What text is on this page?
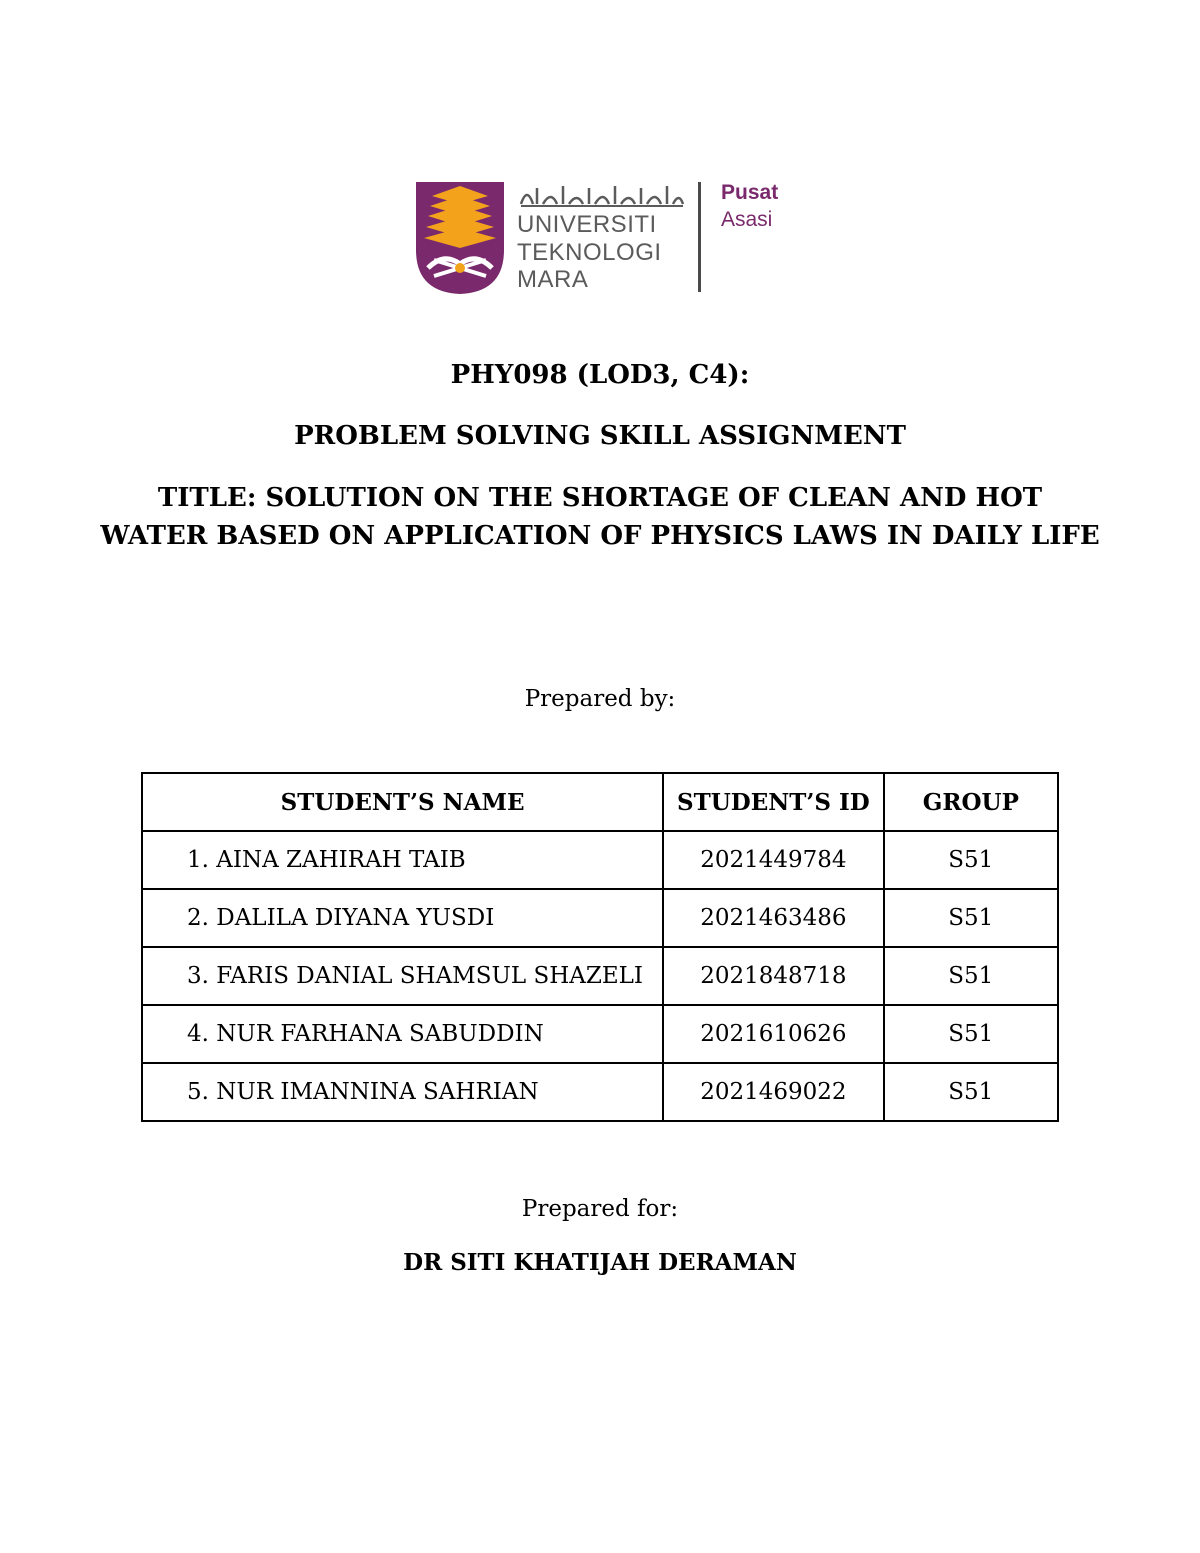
UNIVERSITI
TEKNOLOGI
MARA
Pusat
Asasi
PHY098 (LOD3, C4):
PROBLEM SOLVING SKILL ASSIGNMENT
TITLE: SOLUTION ON THE SHORTAGE OF CLEAN AND HOT WATER BASED ON APPLICATION OF PHYSICS LAWS IN DAILY LIFE
Prepared by:
STUDENT’S NAME	STUDENT’S ID	GROUP
1. AINA ZAHIRAH TAIB	2021449784	S51
2. DALILA DIYANA YUSDI	2021463486	S51
3. FARIS DANIAL SHAMSUL SHAZELI	2021848718	S51
4. NUR FARHANA SABUDDIN	2021610626	S51
5. NUR IMANNINA SAHRIAN	2021469022	S51
Prepared for:
DR SITI KHATIJAH DERAMAN
